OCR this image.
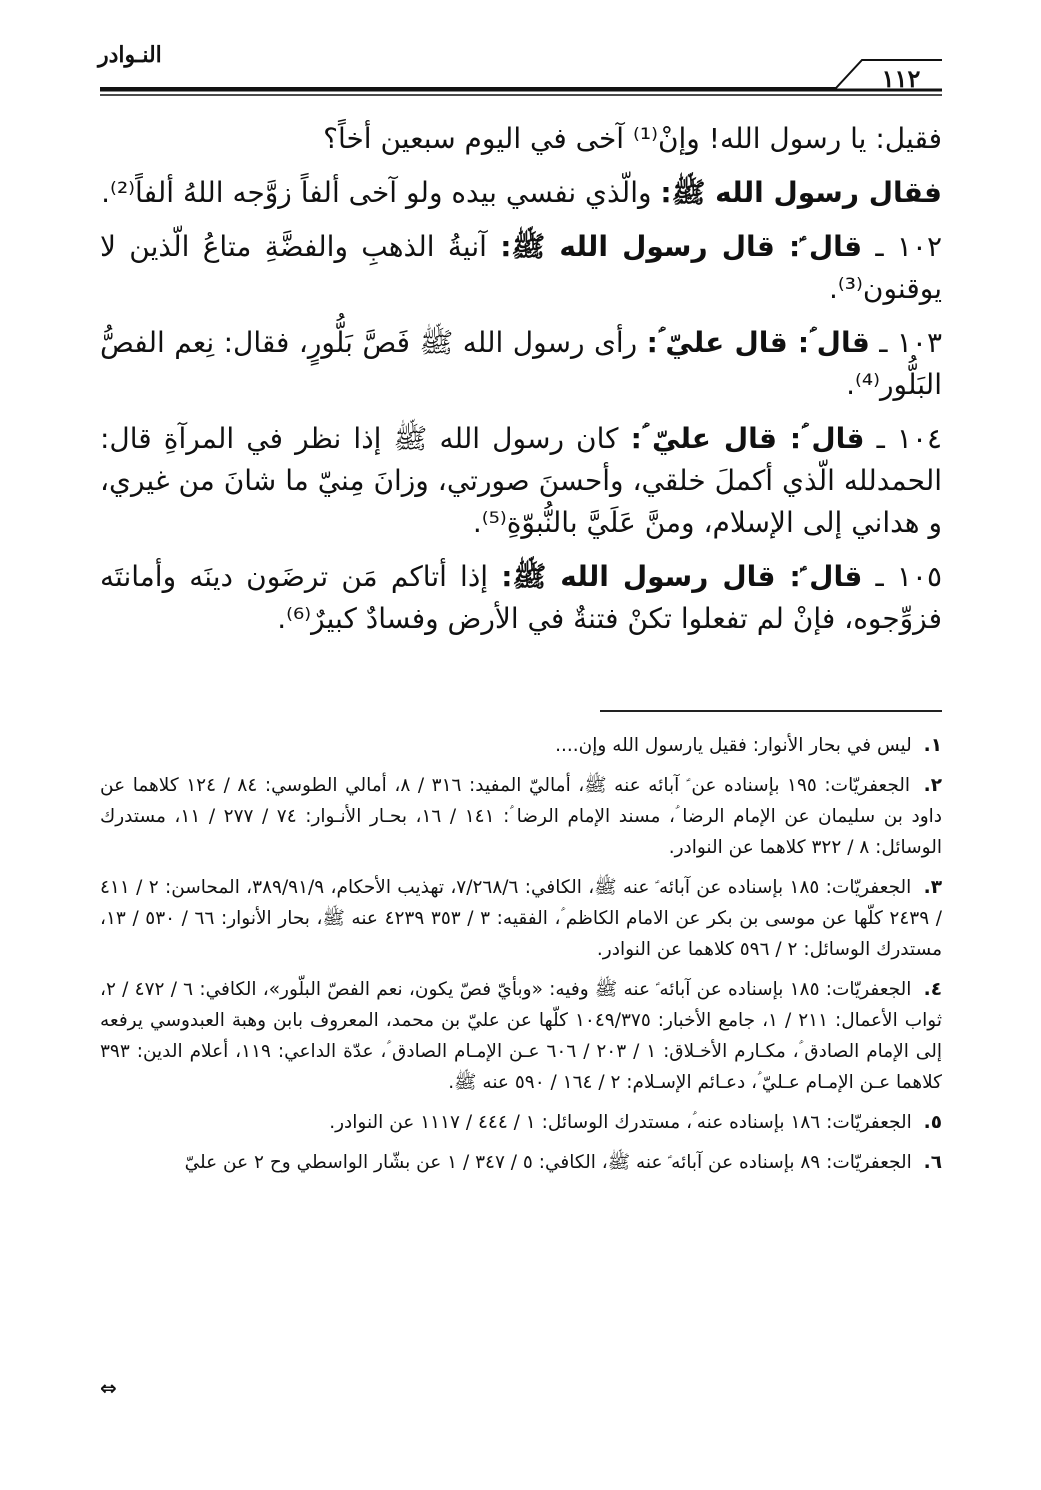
النـوادر
١١٢

فقيل: يا رسول الله! وإنْ⁽¹⁾ آخى في اليوم سبعين أخاً؟

فقال رسول الله ﷺ: والّذي نفسي بيده ولو آخى ألفاً زوَّجه اللهُ ألفاً⁽²⁾.

١٠٢ ـ قال ؑ: قال رسول الله ﷺ: آنيةُ الذهبِ والفضَّةِ متاعُ الّذين لا يوقنون⁽³⁾.

١٠٣ ـ قال ؑ: قال عليّ ؑ: رأى رسول الله ﷺ فَصَّ بَلُّورٍ، فقال: نِعم الفصُّ البَلُّور⁽⁴⁾.

١٠٤ ـ قال ؑ: قال عليّ ؑ: كان رسول الله ﷺ إذا نظر في المرآةِ قال: الحمدلله الّذي أكملَ خلقي، وأحسنَ صورتي، وزانَ مِنيّ ما شانَ من غيري، و هداني إلى الإسلام، ومنَّ عَلَيَّ بالنُّبوّةِ⁽⁵⁾.

١٠٥ ـ قال ؑ: قال رسول الله ﷺ: إذا أتاكم مَن ترضَون دينَه وأمانتَه فزوِّجوه، فإنْ لم تفعلوا تكنْ فتنةٌ في الأرض وفسادٌ كبيرٌ⁽⁶⁾.

١. ليس في بحار الأنوار: فقيل يارسول الله وإن....

٢. الجعفريّات: ١٩٥ بإسناده عن ؑ آبائه عنه ﷺ، أماليّ المفيد: ٣١٦ / ٨، أمالي الطوسي: ٨٤ / ١٢٤ كلاهما عن داود بن سليمان عن الإمام الرضا ؑ، مسند الإمام الرضا ؑ: ١٤١ / ١٦، بحـار الأنـوار: ٧٤ / ٢٧٧ / ١١، مستدرك الوسائل: ٨ / ٣٢٢ كلاهما عن النوادر.

٣. الجعفريّات: ١٨٥ بإسناده عن آبائه ؑ عنه ﷺ، الكافي: ٧/٢٦٨/٦، تهذيب الأحكام، ٣٨٩/٩١/٩، المحاسن: ٢ / ٤١١ / ٢٤٣٩ كلّها عن موسى بن بكر عن الامام الكاظم ؑ، الفقيه: ٣ / ٣٥٣ ٤٢٣٩ عنه ﷺ، بحار الأنوار: ٦٦ / ٥٣٠ / ١٣، مستدرك الوسائل: ٢ / ٥٩٦ كلاهما عن النوادر.

٤. الجعفريّات: ١٨٥ بإسناده عن آبائه ؑ عنه ﷺ وفيه: «وبأيّ فصّ يكون، نعم الفصّ البلّور»، الكافي: ٦ / ٤٧٢ / ٢، ثواب الأعمال: ٢١١ / ١، جامع الأخبار: ١٠٤٩/٣٧٥ كلّها عن عليّ بن محمد، المعروف بابن وهبة العبدوسي يرفعه إلى الإمام الصادق ؑ، مكـارم الأخـلاق: ١ / ٢٠٣ / ٦٠٦ عـن الإمـام الصادق ؑ، عدّة الداعي: ١١٩، أعلام الدين: ٣٩٣ كلاهما عـن الإمـام عـليّ ؑ، دعـائم الإسـلام: ٢ / ١٦٤ / ٥٩٠ عنه ﷺ.

٥. الجعفريّات: ١٨٦ بإسناده عنه ؑ، مستدرك الوسائل: ١ / ٤٤٤ / ١١١٧ عن النوادر.

٦. الجعفريّات: ٨٩ بإسناده عن آبائه ؑ عنه ﷺ، الكافي: ٥ / ٣٤٧ / ١ عن بشّار الواسطي وح ٢ عن عليّ

⇔
